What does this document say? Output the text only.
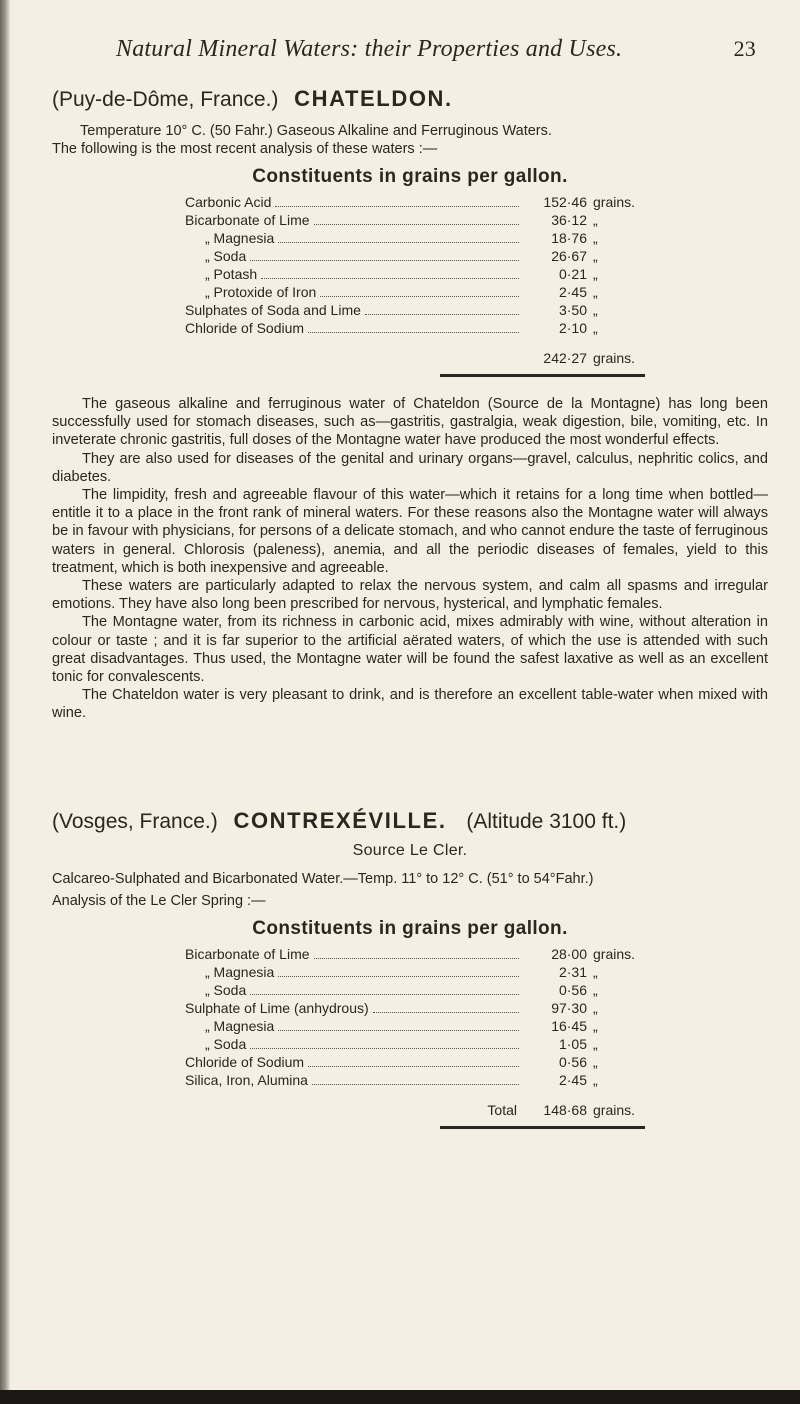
Natural Mineral Waters: their Properties and Uses.	23
(Puy-de-Dôme, France.) CHATELDON.
Temperature 10° C. (50 Fahr.) Gaseous Alkaline and Ferruginous Waters.
The following is the most recent analysis of these waters :—
Constituents in grains per gallon.
Carbonic Acid	152·46 grains.
Bicarbonate of Lime	36·12 „
„ Magnesia	18·76 „
„ Soda	26·67 „
„ Potash	0·21 „
„ Protoxide of Iron	2·45 „
Sulphates of Soda and Lime	3·50 „
Chloride of Sodium	2·10 „
242·27 grains.

The gaseous alkaline and ferruginous water of Chateldon (Source de la Montagne) has long been successfully used for stomach diseases, such as—gastritis, gastralgia, weak digestion, bile, vomiting, etc. In inveterate chronic gastritis, full doses of the Montagne water have produced the most wonderful effects.

They are also used for diseases of the genital and urinary organs—gravel, calculus, nephritic colics, and diabetes.

The limpidity, fresh and agreeable flavour of this water—which it retains for a long time when bottled—entitle it to a place in the front rank of mineral waters. For these reasons also the Montagne water will always be in favour with physicians, for persons of a delicate stomach, and who cannot endure the taste of ferruginous waters in general. Chlorosis (paleness), anemia, and all the periodic diseases of females, yield to this treatment, which is both inexpensive and agreeable.

These waters are particularly adapted to relax the nervous system, and calm all spasms and irregular emotions. They have also long been prescribed for nervous, hysterical, and lymphatic females.

The Montagne water, from its richness in carbonic acid, mixes admirably with wine, without alteration in colour or taste ; and it is far superior to the artificial aërated waters, of which the use is attended with such great disadvantages. Thus used, the Montagne water will be found the safest laxative as well as an excellent tonic for convalescents.

The Chateldon water is very pleasant to drink, and is therefore an excellent table-water when mixed with wine.

(Vosges, France.) CONTREXÉVILLE. (Altitude 3100 ft.)
Source Le Cler.
Calcareo-Sulphated and Bicarbonated Water.—Temp. 11° to 12° C. (51° to 54°Fahr.)
Analysis of the Le Cler Spring :—
Constituents in grains per gallon.
Bicarbonate of Lime	28·00 grains.
„ Magnesia	2·31 „
„ Soda	0·56 „
Sulphate of Lime (anhydrous)	97·30 „
„ Magnesia	16·45 „
„ Soda	1·05 „
Chloride of Sodium	0·56 „
Silica, Iron, Alumina	2·45 „
Total	148·68 grains.
